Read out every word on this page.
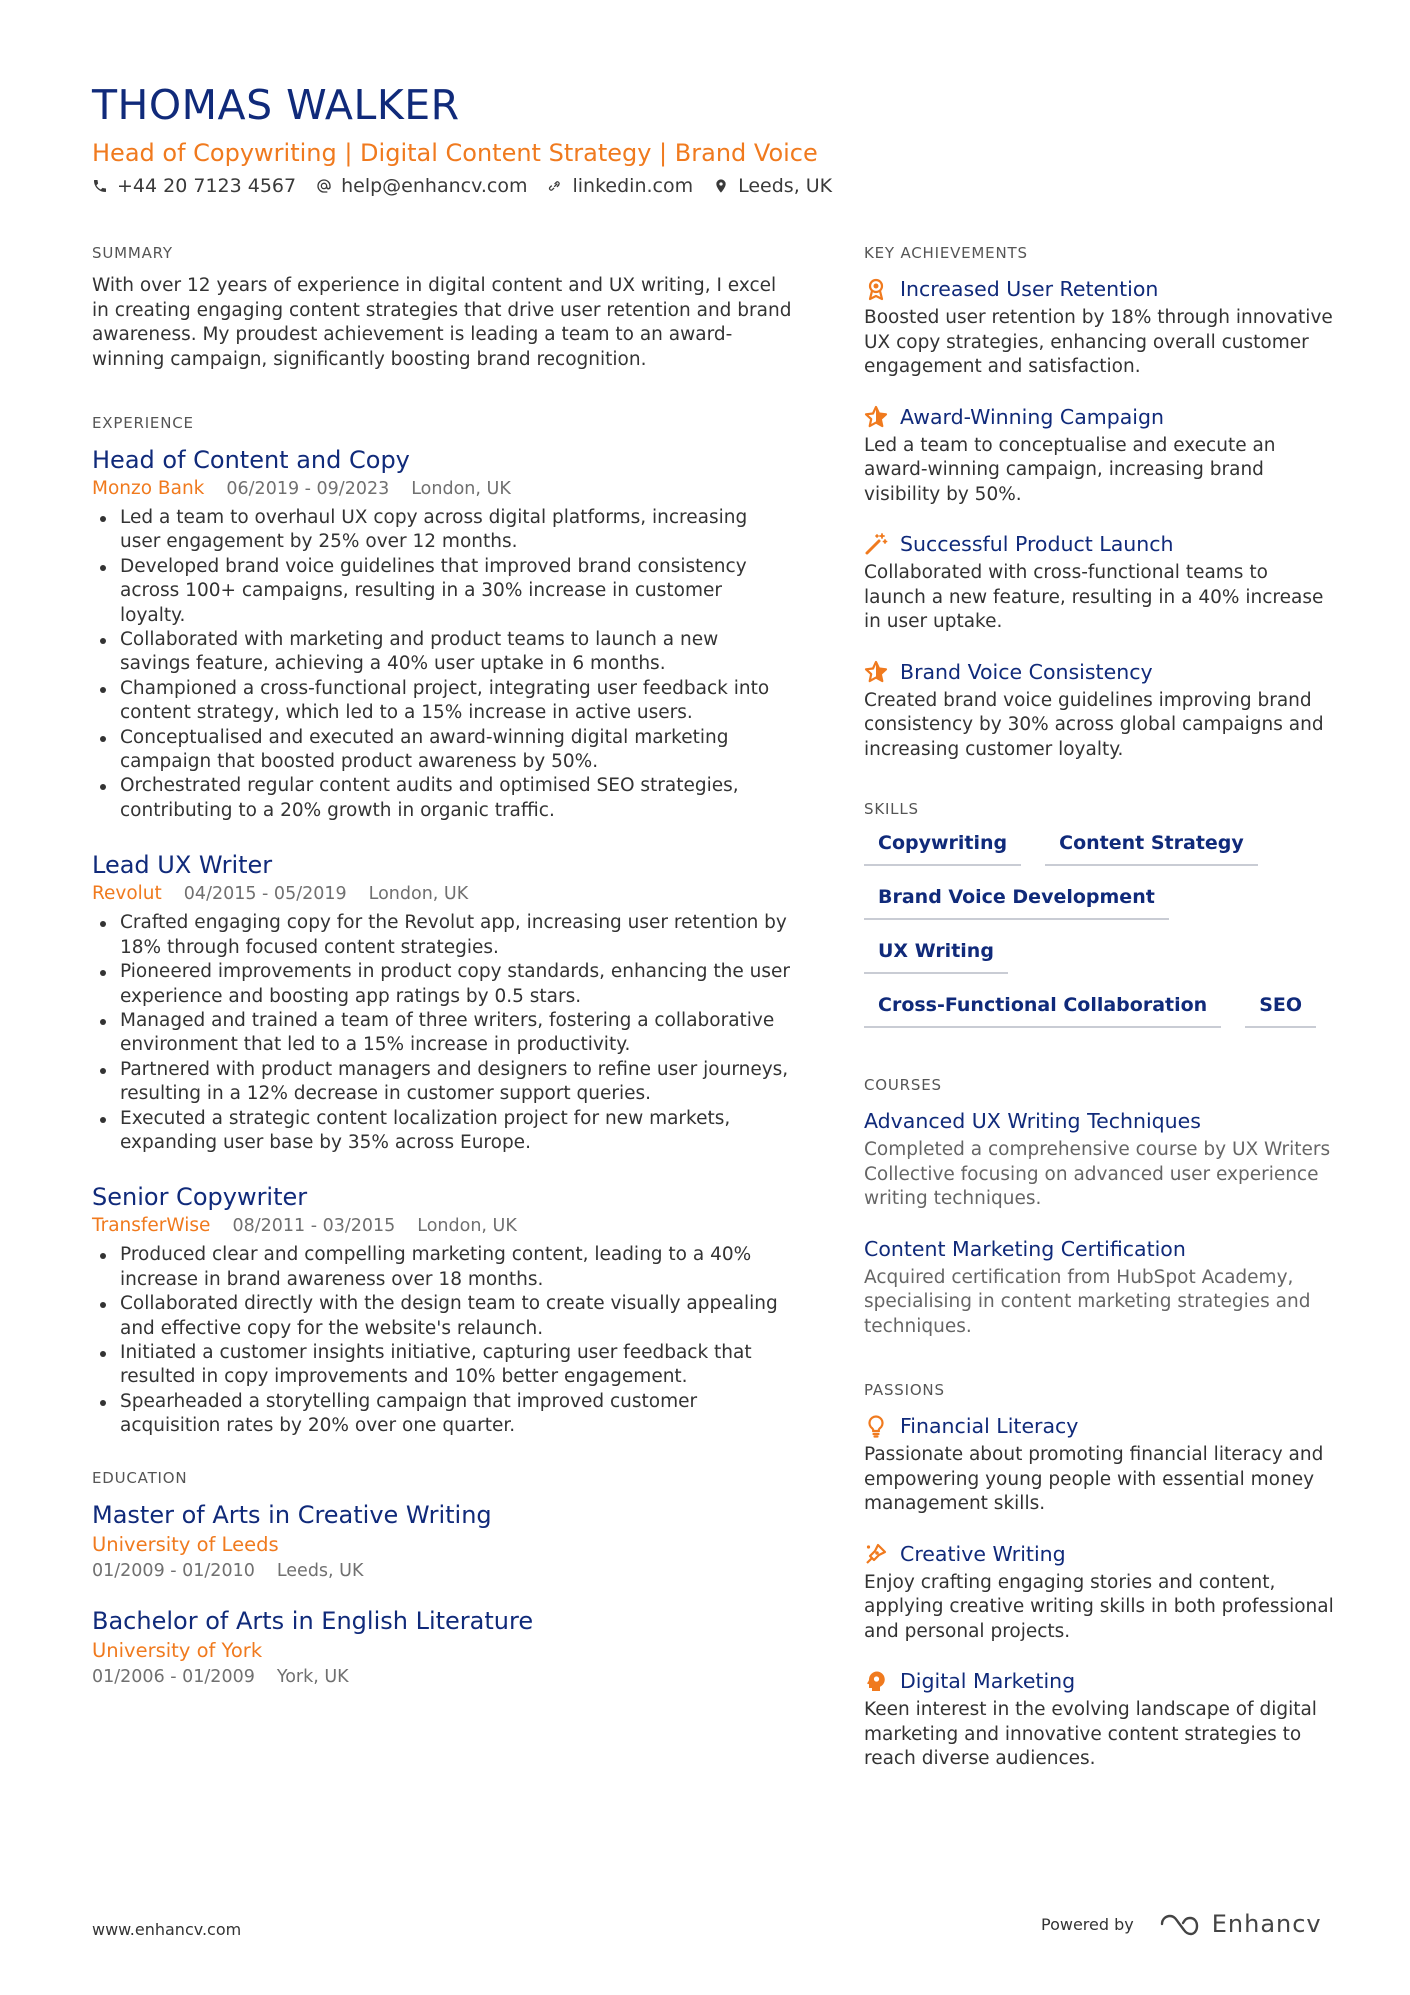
THOMAS WALKER
Head of Copywriting | Digital Content Strategy | Brand Voice
+44 20 7123 4567 help@enhancv.com linkedin.com Leeds, UK
SUMMARY
With over 12 years of experience in digital content and UX writing, I excel in creating engaging content strategies that drive user retention and brand awareness. My proudest achievement is leading a team to an award-winning campaign, significantly boosting brand recognition.
EXPERIENCE
Head of Content and Copy
Monzo Bank 06/2019 - 09/2023 London, UK
Led a team to overhaul UX copy across digital platforms, increasing user engagement by 25% over 12 months.
Developed brand voice guidelines that improved brand consistency across 100+ campaigns, resulting in a 30% increase in customer loyalty.
Collaborated with marketing and product teams to launch a new savings feature, achieving a 40% user uptake in 6 months.
Championed a cross-functional project, integrating user feedback into content strategy, which led to a 15% increase in active users.
Conceptualised and executed an award-winning digital marketing campaign that boosted product awareness by 50%.
Orchestrated regular content audits and optimised SEO strategies, contributing to a 20% growth in organic traffic.
Lead UX Writer
Revolut 04/2015 - 05/2019 London, UK
Crafted engaging copy for the Revolut app, increasing user retention by 18% through focused content strategies.
Pioneered improvements in product copy standards, enhancing the user experience and boosting app ratings by 0.5 stars.
Managed and trained a team of three writers, fostering a collaborative environment that led to a 15% increase in productivity.
Partnered with product managers and designers to refine user journeys, resulting in a 12% decrease in customer support queries.
Executed a strategic content localization project for new markets, expanding user base by 35% across Europe.
Senior Copywriter
TransferWise 08/2011 - 03/2015 London, UK
Produced clear and compelling marketing content, leading to a 40% increase in brand awareness over 18 months.
Collaborated directly with the design team to create visually appealing and effective copy for the website's relaunch.
Initiated a customer insights initiative, capturing user feedback that resulted in copy improvements and 10% better engagement.
Spearheaded a storytelling campaign that improved customer acquisition rates by 20% over one quarter.
EDUCATION
Master of Arts in Creative Writing
University of Leeds
01/2009 - 01/2010 Leeds, UK
Bachelor of Arts in English Literature
University of York
01/2006 - 01/2009 York, UK
KEY ACHIEVEMENTS
Increased User Retention
Boosted user retention by 18% through innovative UX copy strategies, enhancing overall customer engagement and satisfaction.
Award-Winning Campaign
Led a team to conceptualise and execute an award-winning campaign, increasing brand visibility by 50%.
Successful Product Launch
Collaborated with cross-functional teams to launch a new feature, resulting in a 40% increase in user uptake.
Brand Voice Consistency
Created brand voice guidelines improving brand consistency by 30% across global campaigns and increasing customer loyalty.
SKILLS
Copywriting	Content Strategy
Brand Voice Development
UX Writing
Cross-Functional Collaboration	SEO
COURSES
Advanced UX Writing Techniques
Completed a comprehensive course by UX Writers Collective focusing on advanced user experience writing techniques.
Content Marketing Certification
Acquired certification from HubSpot Academy, specialising in content marketing strategies and techniques.
PASSIONS
Financial Literacy
Passionate about promoting financial literacy and empowering young people with essential money management skills.
Creative Writing
Enjoy crafting engaging stories and content, applying creative writing skills in both professional and personal projects.
Digital Marketing
Keen interest in the evolving landscape of digital marketing and innovative content strategies to reach diverse audiences.
www.enhancv.com	Powered by	Enhancv
